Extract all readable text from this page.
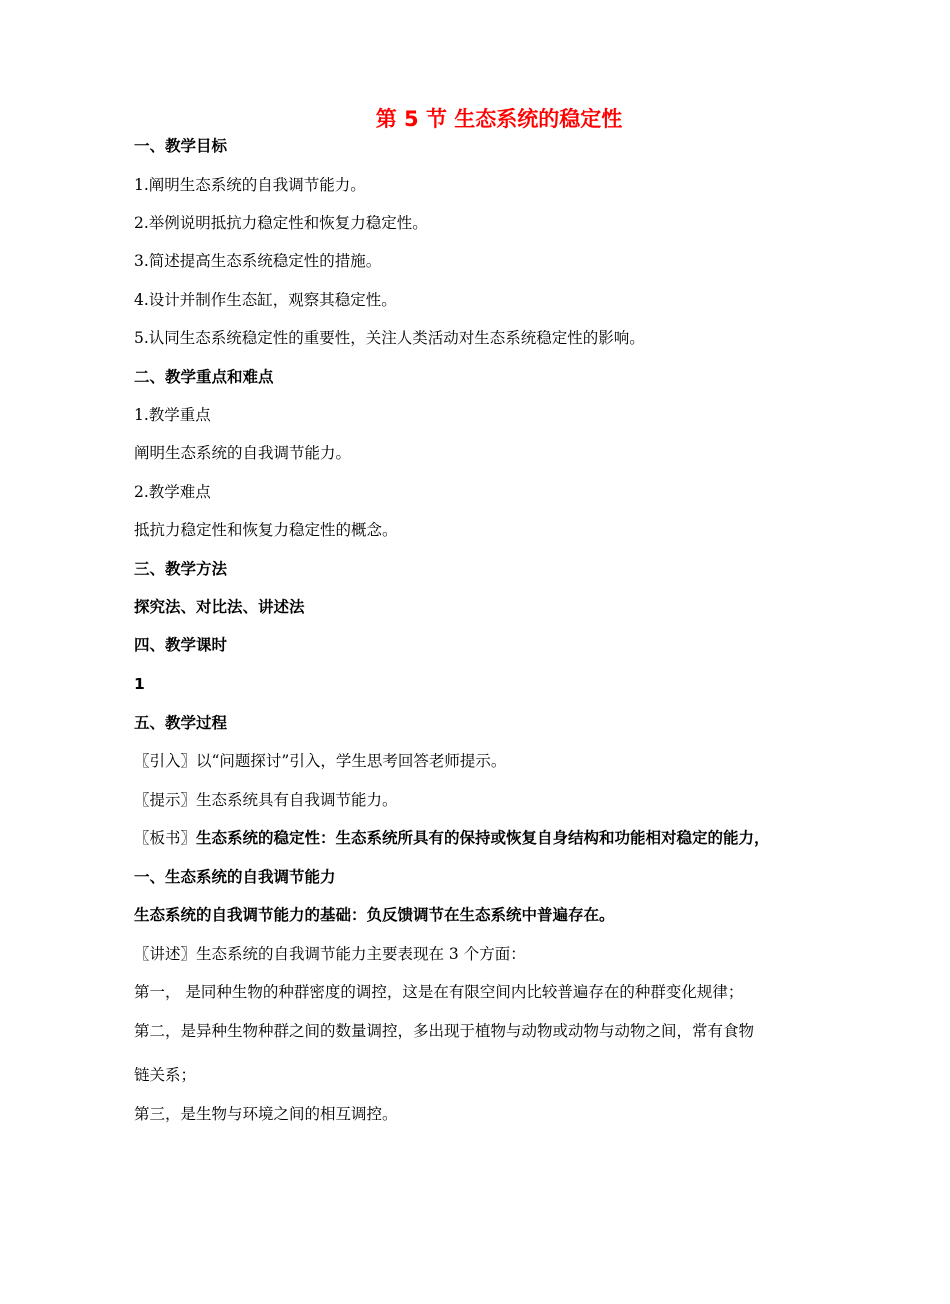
第 5 节 生态系统的稳定性
一、教学目标
1.阐明生态系统的自我调节能力。
2.举例说明抵抗力稳定性和恢复力稳定性。
3.简述提高生态系统稳定性的措施。
4.设计并制作生态缸，观察其稳定性。
5.认同生态系统稳定性的重要性，关注人类活动对生态系统稳定性的影响。
二、教学重点和难点
1.教学重点
阐明生态系统的自我调节能力。
2.教学难点
抵抗力稳定性和恢复力稳定性的概念。
三、教学方法
探究法、对比法、讲述法
四、教学课时
1
五、教学过程
〖引入〗以“问题探讨”引入，学生思考回答老师提示。
〖提示〗生态系统具有自我调节能力。
〖板书〗生态系统的稳定性：生态系统所具有的保持或恢复自身结构和功能相对稳定的能力，
一、生态系统的自我调节能力
生态系统的自我调节能力的基础：负反馈调节在生态系统中普遍存在。
〖讲述〗生态系统的自我调节能力主要表现在 3 个方面：
第一， 是同种生物的种群密度的调控，这是在有限空间内比较普遍存在的种群变化规律；
第二，是异种生物种群之间的数量调控，多出现于植物与动物或动物与动物之间，常有食物
链关系；
第三，是生物与环境之间的相互调控。
